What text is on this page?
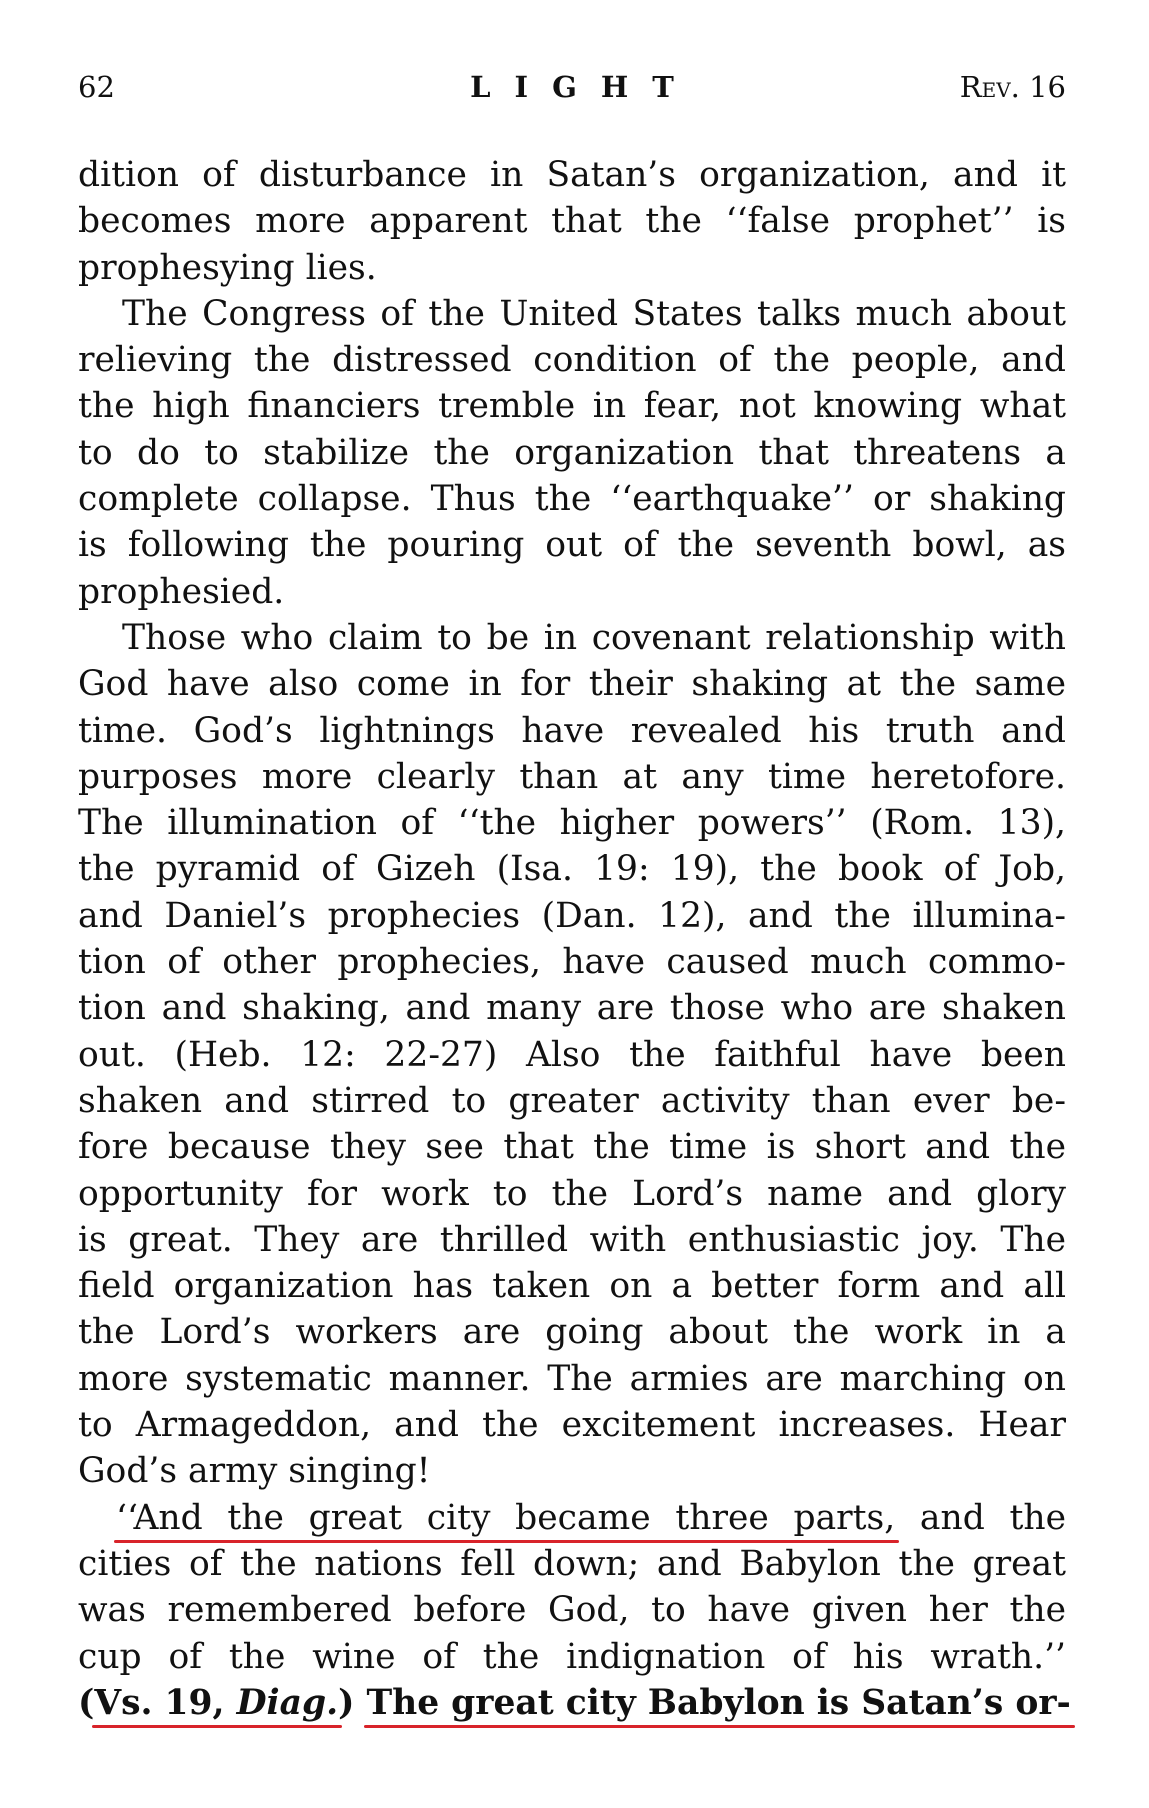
62	LIGHT	Rev. 16
dition of disturbance in Satan’s organization, and it
becomes more apparent that the ‘‘false prophet’’ is
prophesying lies.
The Congress of the United States talks much about
relieving the distressed condition of the people, and
the high financiers tremble in fear, not knowing what
to do to stabilize the organization that threatens a
complete collapse. Thus the ‘‘earthquake’’ or shaking
is following the pouring out of the seventh bowl, as
prophesied.
Those who claim to be in covenant relationship with
God have also come in for their shaking at the same
time. God’s lightnings have revealed his truth and
purposes more clearly than at any time heretofore.
The illumination of ‘‘the higher powers’’ (Rom. 13),
the pyramid of Gizeh (Isa. 19: 19), the book of Job,
and Daniel’s prophecies (Dan. 12), and the illumina-
tion of other prophecies, have caused much commo-
tion and shaking, and many are those who are shaken
out. (Heb. 12: 22-27) Also the faithful have been
shaken and stirred to greater activity than ever be-
fore because they see that the time is short and the
opportunity for work to the Lord’s name and glory
is great. They are thrilled with enthusiastic joy. The
field organization has taken on a better form and all
the Lord’s workers are going about the work in a
more systematic manner. The armies are marching on
to Armageddon, and the excitement increases. Hear
God’s army singing!
‘‘And the great city became three parts, and the
cities of the nations fell down; and Babylon the great
was remembered before God, to have given her the
cup of the wine of the indignation of his wrath.’’
(Vs. 19, Diag.) The great city Babylon is Satan’s or-
